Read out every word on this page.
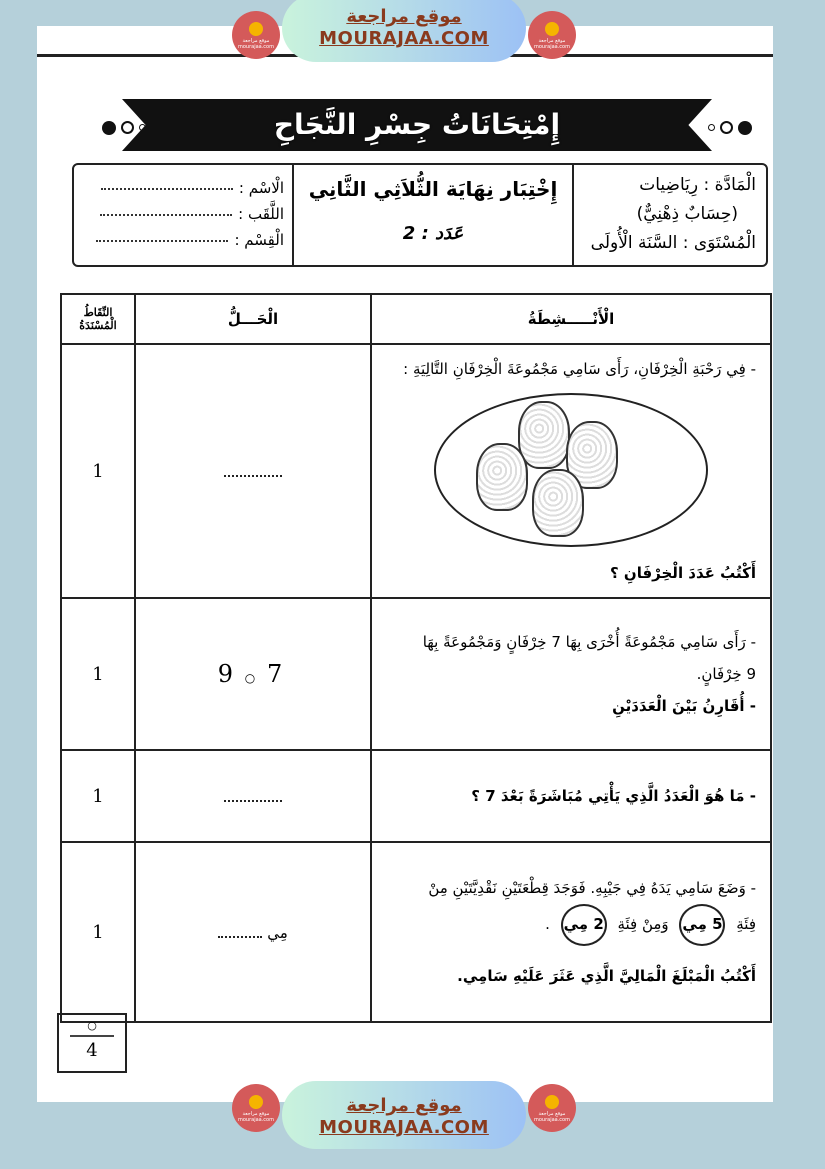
موقع مراجعة mourajaa.com
موقع مراجعة
MOURAJAA.COM	موقع مراجعة mourajaa.com

إِمْتِحَانَاتُ جِسْرِ النَّجَاحِ

الْاسْم :
اللَّقَب :
الْقِسْم :
إِخْتِبَار نِهَايَة الثُّلاَثِي الثَّانِي
عَدَد : 2
الْمَادَّة : رِيَاضِيات
(حِسَابٌ ذِهْنِيٌّ)
الْمُسْتَوَى : السَّنَة الْأُولَى
النِّقَاطُ الْمُسْنَدَةُ	الْحَـــلُّ	الْأَنْـــــشِطَةُ
1		- فِي رَحْبَةِ الْخِرْفَانِ، رَأَى سَامِي مَجْمُوعَةَ الْخِرْفَانِ التَّالِيَةِ :
أَكْتُبُ عَدَدَ الْخِرْفَانِ ؟

1	9 ○ 7	- رَأَى سَامِي مَجْمُوعَةً أُخْرَى بِهَا 7 خِرْفَانٍ وَمَجْمُوعَةً بِهَا
9 خِرْفَانٍ.
- أُقَارِنُ بَيْنَ الْعَدَدَيْنِ

1		- مَا هُوَ الْعَدَدُ الَّذِي يَأْتِي مُبَاشَرَةً بَعْدَ 7 ؟

1	مِي	- وَضَعَ سَامِي يَدَهُ فِي جَيْبِهِ. فَوَجَدَ قِطْعَتَيْنِ نَقْدِيَّتَيْنِ مِنْ
فِئَةِ 5 مِي وَمِنْ فِئَةِ 2 مِي .
أَكْتُبُ الْمَبْلَغَ الْمَالِيَّ الَّذِي عَثَرَ عَلَيْهِ سَامِي.
○
4
موقع مراجعة mourajaa.com
موقع مراجعة
MOURAJAA.COM
موقع مراجعة mourajaa.com
